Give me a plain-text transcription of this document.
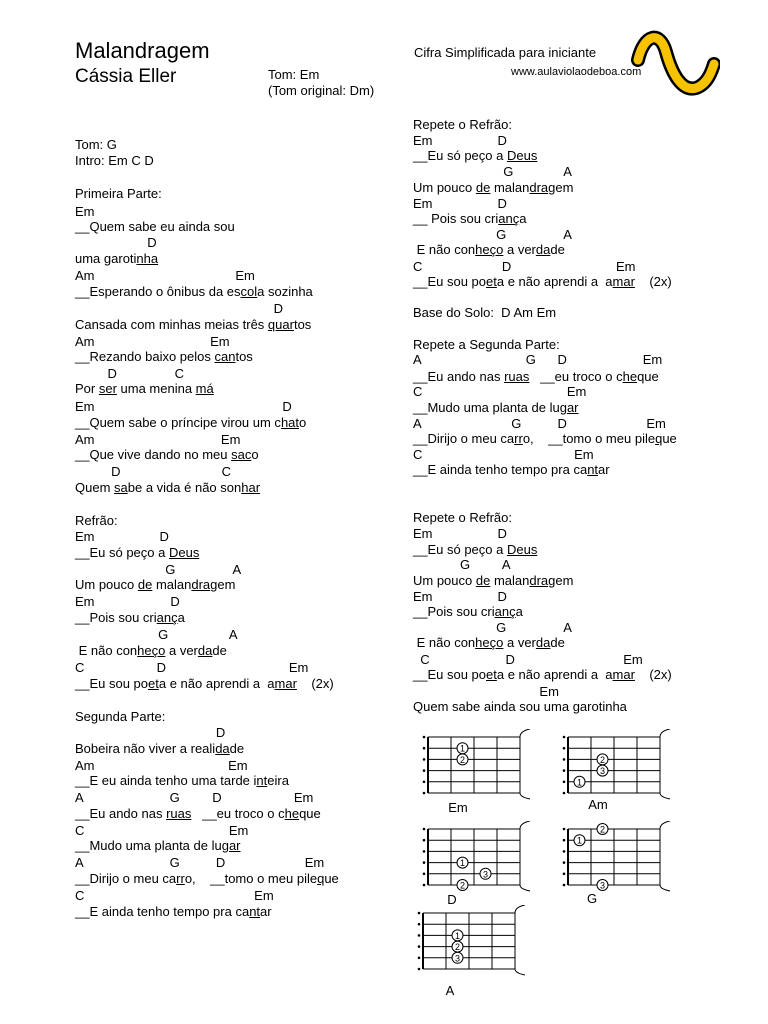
Malandragem
Cássia Eller	Tom: Em
(Tom original: Dm)
Cifra Simplificada para iniciante
www.aulaviolaodeboa.com
Tom: G
Intro: Em C D
Primeira Parte:
Em
__Quem sabe eu ainda sou
D
uma garotinha
Am                                       Em
__Esperando o ônibus da escola sozinha
D
Cansada com minhas meias três quartos
Am                                Em
__Rezando baixo pelos cantos
D                C
Por ser uma menina má
Em                                                    D
__Quem sabe o príncipe virou um chato
Am                                   Em
__Que vive dando no meu saco
D                            C
Quem sabe a vida é não sonhar
Refrão:
Em                  D
__Eu só peço a Deus
G                A
Um pouco de malandragem
Em                     D
__Pois sou criança
G                 A
E não conheço a verdade
C                    D                                  Em
__Eu sou poeta e não aprendi a  amar    (2x)
Segunda Parte:
D
Bobeira não viver a realidade
Am                                     Em
__E eu ainda tenho uma tarde inteira
A                        G         D                    Em
__Eu ando nas ruas   __eu troco o cheque
C                                        Em
__Mudo uma planta de lugar
A                        G          D                      Em
__Dirijo o meu carro,    __tomo o meu pileque
C                                               Em
__E ainda tenho tempo pra cantar
Repete o Refrão:
Em                  D
__Eu só peço a Deus
G              A
Um pouco de malandragem
Em                  D
__ Pois sou criança
G                A
E não conheço a verdade
C                      D                             Em
__Eu sou poeta e não aprendi a  amar    (2x)
Base do Solo:  D Am Em
Repete a Segunda Parte:
A                             G      D                     Em
__Eu ando nas ruas   __eu troco o cheque
C                                        Em
__Mudo uma planta de lugar
A                         G          D                      Em
__Dirijo o meu carro,    __tomo o meu pileque
C                                          Em
__E ainda tenho tempo pra cantar
Repete o Refrão:
Em                  D
__Eu só peço a Deus
G         A
Um pouco de malandragem
Em                  D
__Pois sou criança
G                A
E não conheço a verdade
C                     D                              Em
__Eu sou poeta e não aprendi a  amar    (2x)
Em
Quem sabe ainda sou uma garotinha
1
2
Em
2
3
1
Am
1
3
2
D
2
1
3
G
1
2
3
A
